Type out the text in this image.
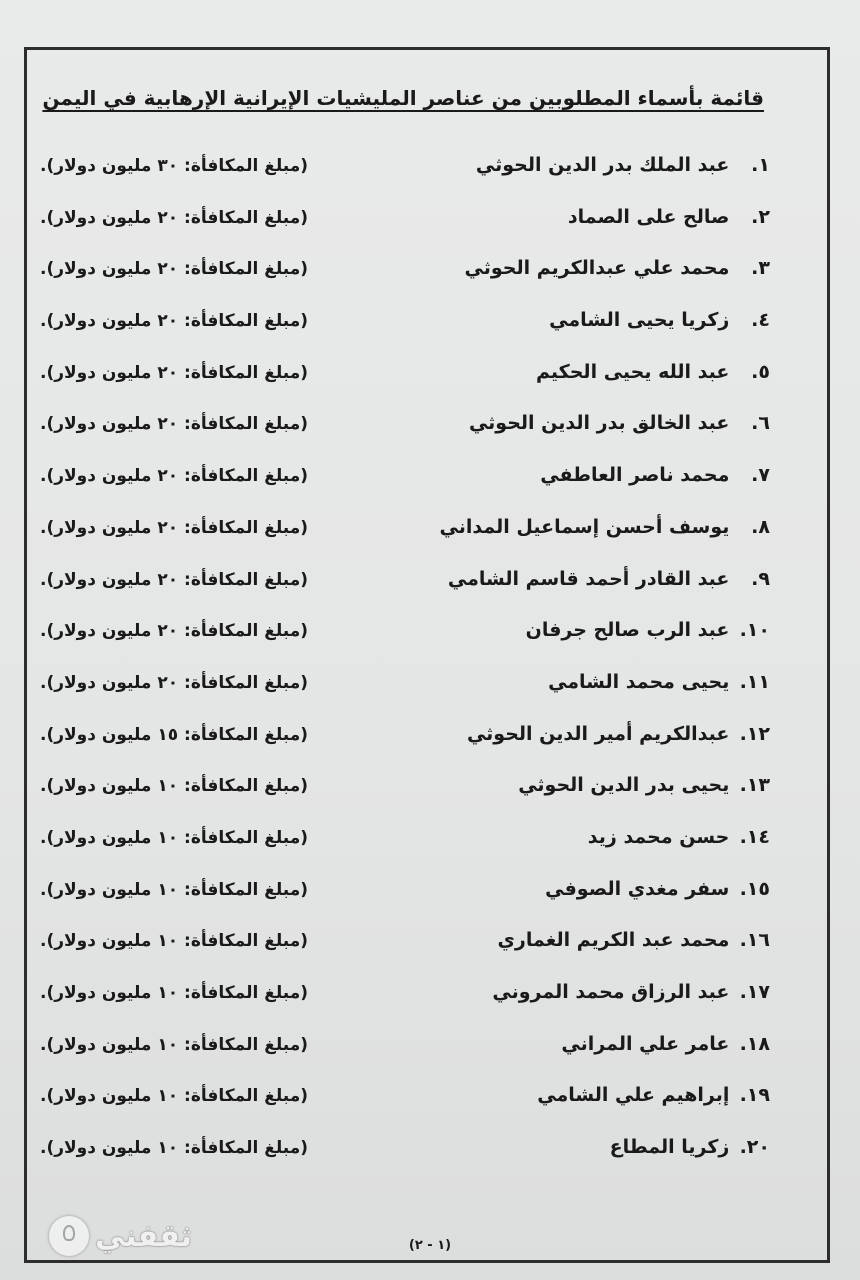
قائمة بأسماء المطلوبين من عناصر المليشيات الإيرانية الإرهابية في اليمن
١. عبد الملك بدر الدين الحوثي
(مبلغ المكافأة: ٣٠ مليون دولار).
٢. صالح على الصماد
(مبلغ المكافأة: ٢٠ مليون دولار).
٣. محمد علي عبدالكريم الحوثي
(مبلغ المكافأة: ٢٠ مليون دولار).
٤. زكريا يحيى الشامي
(مبلغ المكافأة: ٢٠ مليون دولار).
٥. عبد الله يحيى الحكيم
(مبلغ المكافأة: ٢٠ مليون دولار).
٦. عبد الخالق بدر الدين الحوثي
(مبلغ المكافأة: ٢٠ مليون دولار).
٧. محمد ناصر العاطفي
(مبلغ المكافأة: ٢٠ مليون دولار).
٨. يوسف أحسن إسماعيل المداني
(مبلغ المكافأة: ٢٠ مليون دولار).
٩. عبد القادر أحمد قاسم الشامي
(مبلغ المكافأة: ٢٠ مليون دولار).
١٠. عبد الرب صالح جرفان
(مبلغ المكافأة: ٢٠ مليون دولار).
١١. يحيى محمد الشامي
(مبلغ المكافأة: ٢٠ مليون دولار).
١٢. عبدالكريم أمير الدين الحوثي
(مبلغ المكافأة: ١٥ مليون دولار).
١٣. يحيى بدر الدين الحوثي
(مبلغ المكافأة: ١٠ مليون دولار).
١٤. حسن محمد زيد
(مبلغ المكافأة: ١٠ مليون دولار).
١٥. سفر مغدي الصوفي
(مبلغ المكافأة: ١٠ مليون دولار).
١٦. محمد عبد الكريم الغماري
(مبلغ المكافأة: ١٠ مليون دولار).
١٧. عبد الرزاق محمد المروني
(مبلغ المكافأة: ١٠ مليون دولار).
١٨. عامر علي المراني
(مبلغ المكافأة: ١٠ مليون دولار).
١٩. إبراهيم علي الشامي
(مبلغ المكافأة: ١٠ مليون دولار).
٢٠. زكريا المطاع
(مبلغ المكافأة: ١٠ مليون دولار).
(١ - ٢)
ثقفني
